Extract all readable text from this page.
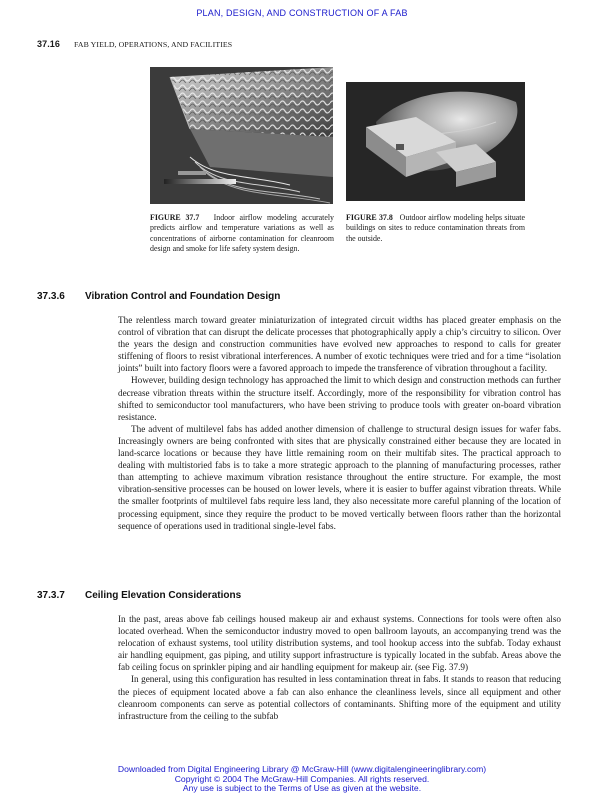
PLAN, DESIGN, AND CONSTRUCTION OF A FAB
37.16 FAB YIELD, OPERATIONS, AND FACILITIES
FIGURE 37.7 Indoor airflow modeling accurately predicts airflow and temperature variations as well as concentrations of airborne contamination for cleanroom design and smoke for life safety system design.
FIGURE 37.8 Outdoor airflow modeling helps situate buildings on sites to reduce contamination threats from the outside.
37.3.6 Vibration Control and Foundation Design

The relentless march toward greater miniaturization of integrated circuit widths has placed greater emphasis on the control of vibration that can disrupt the delicate processes that photographically apply a chip’s circuitry to silicon. Over the years the design and construction communities have evolved new approaches to respond to calls for greater stiffening of floors to resist vibrational interferences. A number of exotic techniques were tried and for a time “isolation joints” built into factory floors were a favored approach to impede the transference of vibration throughout a facility.

However, building design technology has approached the limit to which design and construction methods can further decrease vibration threats within the structure itself. Accordingly, more of the responsibility for vibration control has shifted to semiconductor tool manufacturers, who have been striving to produce tools with greater on-board vibration resistance.

The advent of multilevel fabs has added another dimension of challenge to structural design issues for wafer fabs. Increasingly owners are being confronted with sites that are physically constrained either because they are located in land-scarce locations or because they have little remaining room on their multifab sites. The practical approach to dealing with multistoried fabs is to take a more strategic approach to the planning of manufacturing processes, rather than attempting to achieve maximum vibration resistance throughout the entire structure. For example, the most vibration-sensitive processes can be housed on lower levels, where it is easier to buffer against vibration threats. While the smaller footprints of multilevel fabs require less land, they also necessitate more careful planning of the location of processing equipment, since they require the product to be moved vertically between floors rather than the horizontal sequence of operations used in traditional single-level fabs.

37.3.7 Ceiling Elevation Considerations

In the past, areas above fab ceilings housed makeup air and exhaust systems. Connections for tools were often also located overhead. When the semiconductor industry moved to open ballroom layouts, an accompanying trend was the relocation of exhaust systems, tool utility distribution systems, and tool hookup access into the subfab. Today exhaust air handling equipment, gas piping, and utility support infrastructure is typically located in the subfab. Areas above the fab ceiling focus on sprinkler piping and air handling equipment for makeup air. (see Fig. 37.9)

In general, using this configuration has resulted in less contamination threat in fabs. It stands to reason that reducing the pieces of equipment located above a fab can also enhance the cleanliness levels, since all equipment and other cleanroom components can serve as potential collectors of contaminants. Shifting more of the equipment and utility infrastructure from the ceiling to the subfab

Downloaded from Digital Engineering Library @ McGraw-Hill (www.digitalengineeringlibrary.com)
Copyright © 2004 The McGraw-Hill Companies. All rights reserved.
Any use is subject to the Terms of Use as given at the website.
